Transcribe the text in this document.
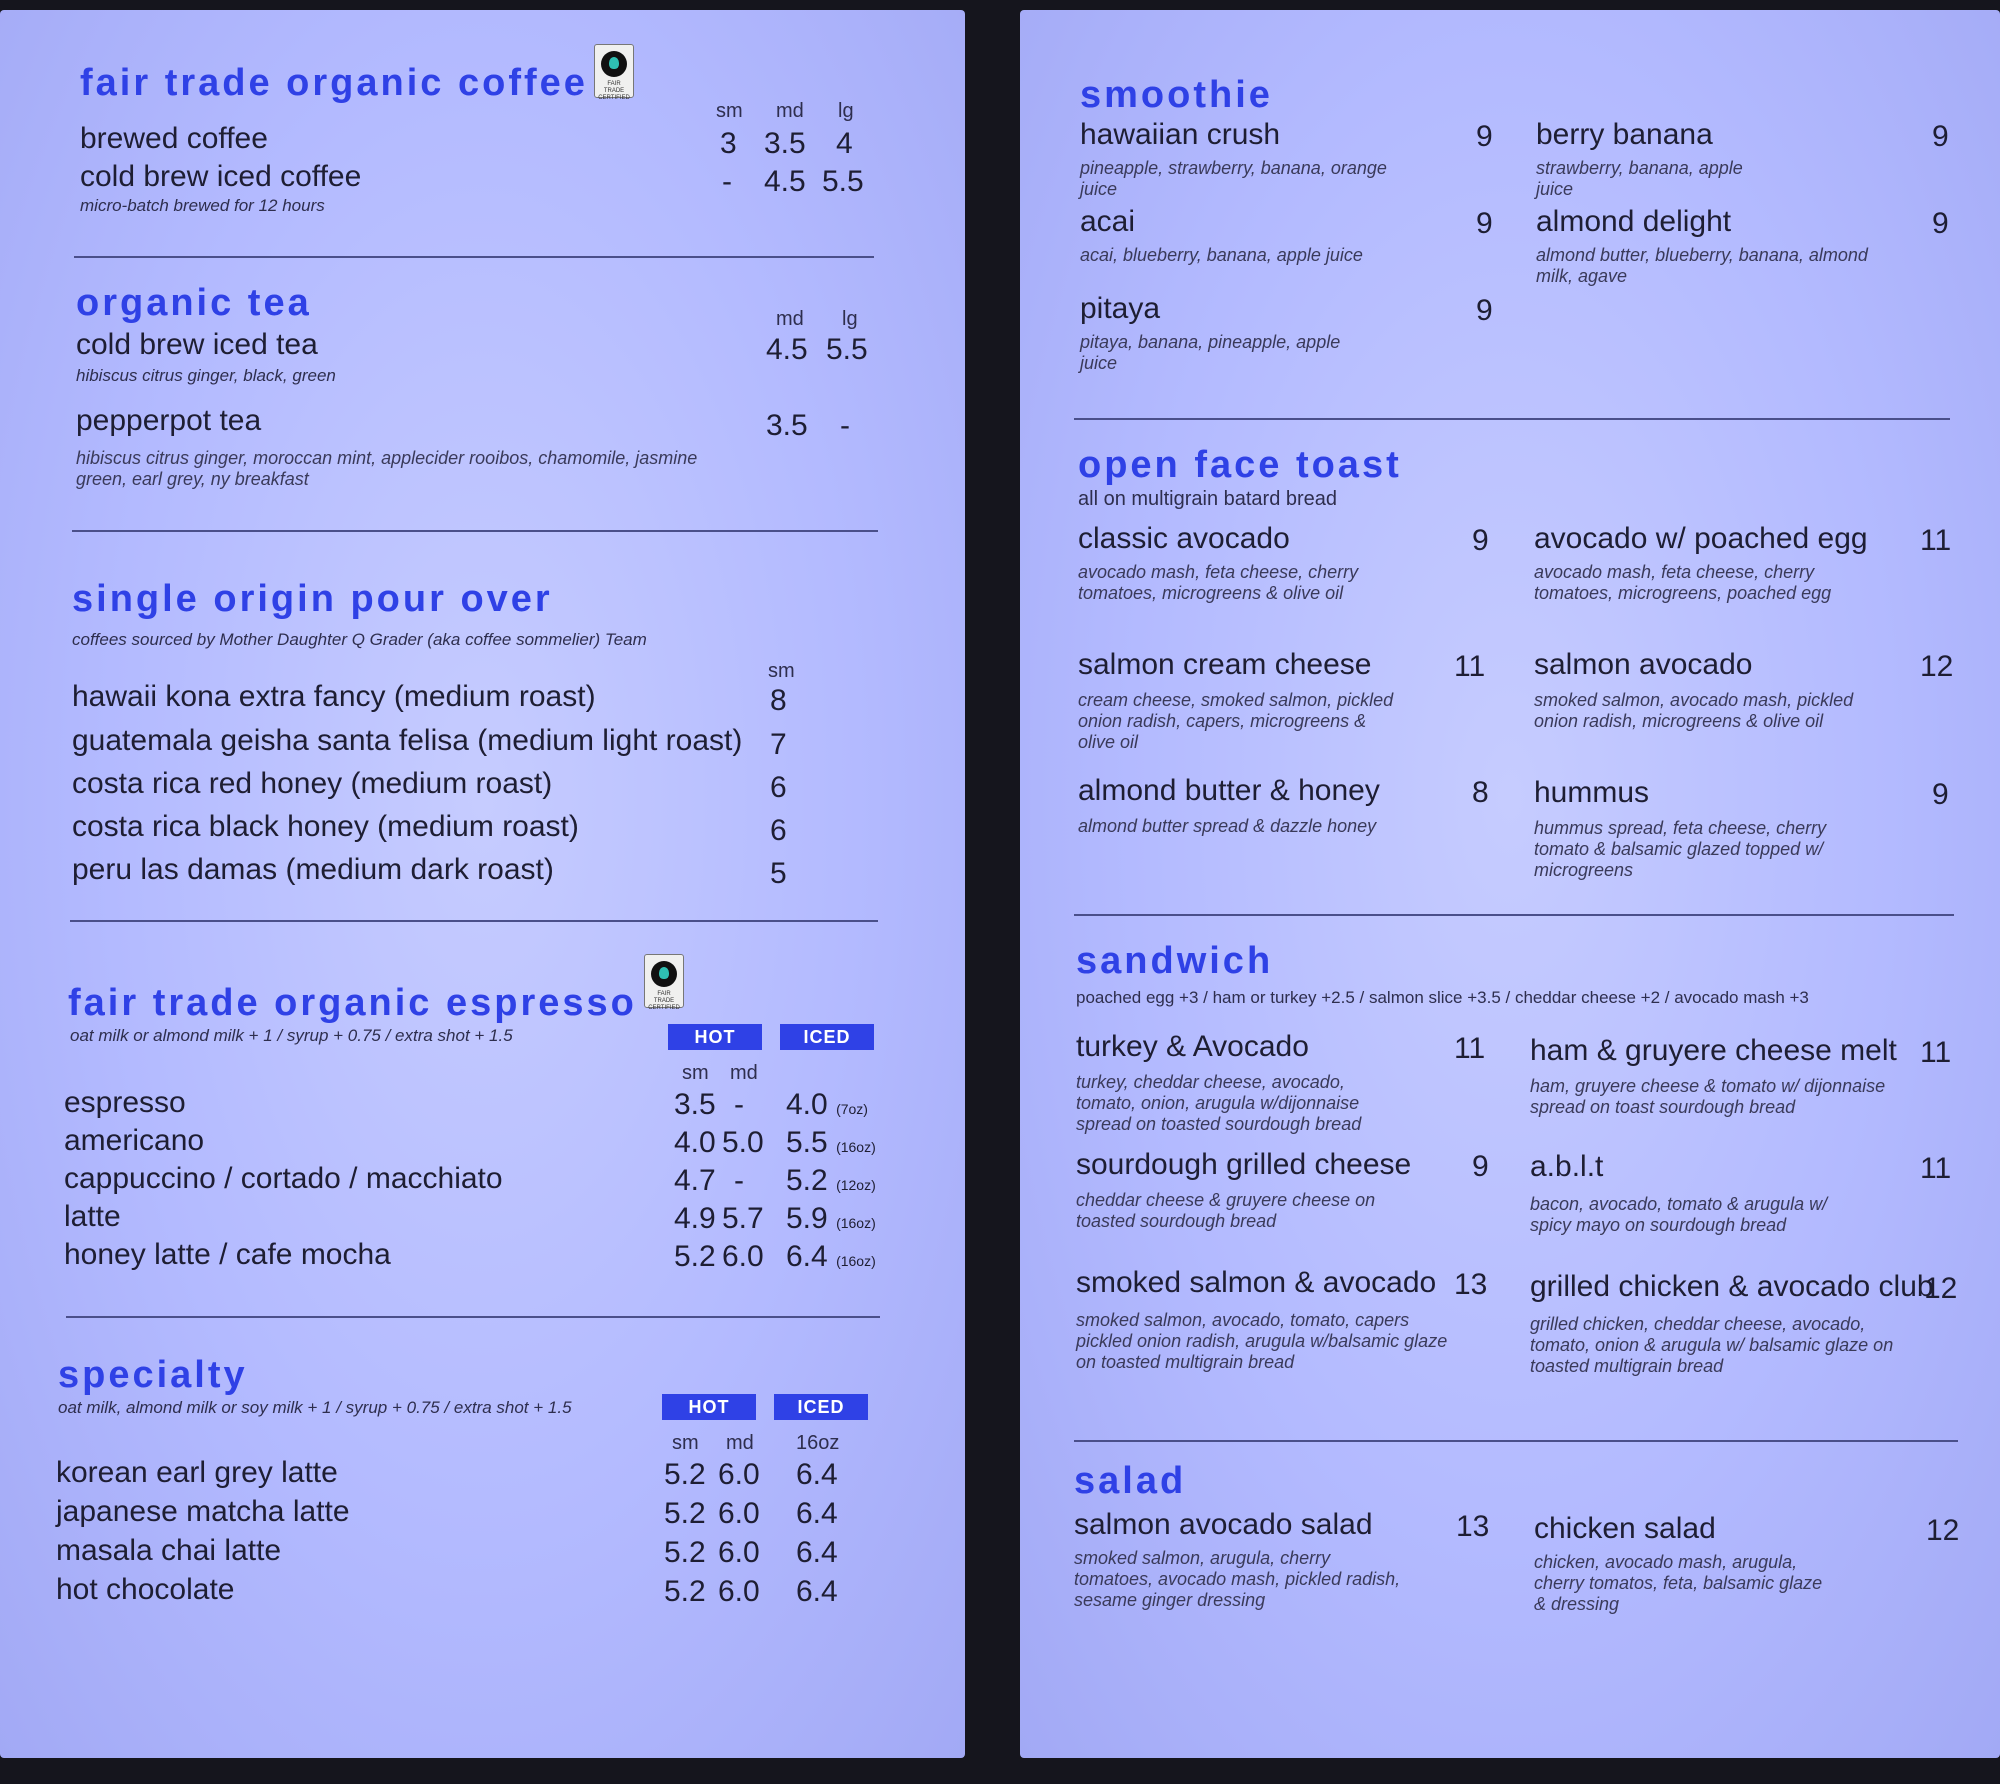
fair trade organic coffee	FAIR TRADE CERTIFIED
sm md lg
brewed coffee	3 3.5 4
cold brew iced coffee	- 4.5 5.5
micro-batch brewed for 12 hours
organic tea	md lg
cold brew iced tea	4.5 5.5
hibiscus citrus ginger, black, green
pepperpot tea	3.5 -
hibiscus citrus ginger, moroccan mint, applecider rooibos, chamomile, jasmine green, earl grey, ny breakfast
single origin pour over
coffees sourced by Mother Daughter Q Grader (aka coffee sommelier) Team
sm
hawaii kona extra fancy (medium roast)	8
guatemala geisha santa felisa (medium light roast) 7
costa rica red honey (medium roast)	6
costa rica black honey (medium roast)	6
peru las damas (medium dark roast)	5
fair trade organic espresso	FAIR TRADE CERTIFIED
oat milk or almond milk + 1 / syrup + 0.75 / extra shot + 1.5	HOT	ICED
sm md
espresso	3.5 - 4.0 (7oz)
americano	4.0 5.0 5.5 (16oz)
cappuccino / cortado / macchiato	4.7 - 5.2 (12oz)
latte	4.9 5.7 5.9 (16oz)
honey latte / cafe mocha	5.2 6.0 6.4 (16oz)
specialty
oat milk, almond milk or soy milk + 1 / syrup + 0.75 / extra shot + 1.5	HOT	ICED
sm md 16oz
korean earl grey latte	5.2 6.0 6.4
japanese matcha latte	5.2 6.0 6.4
masala chai latte	5.2 6.0 6.4
hot chocolate	5.2 6.0 6.4
smoothie
hawaiian crush	9
pineapple, strawberry, banana, orange juice
berry banana	9
strawberry, banana, apple juice
acai	9
acai, blueberry, banana, apple juice
almond delight	9
almond butter, blueberry, banana, almond milk, agave
pitaya	9
pitaya, banana, pineapple, apple juice
open face toast
all on multigrain batard bread
classic avocado	9
avocado mash, feta cheese, cherry tomatoes, microgreens & olive oil
avocado w/ poached egg 11
avocado mash, feta cheese, cherry tomatoes, microgreens, poached egg
salmon cream cheese	11
cream cheese, smoked salmon, pickled onion radish, capers, microgreens & olive oil
salmon avocado	12
smoked salmon, avocado mash, pickled onion radish, microgreens & olive oil
almond butter & honey	8
almond butter spread & dazzle honey
hummus	9
hummus spread, feta cheese, cherry tomato & balsamic glazed topped w/ microgreens
sandwich
poached egg +3 / ham or turkey +2.5 / salmon slice +3.5 / cheddar cheese +2 / avocado mash +3
turkey & Avocado	11
turkey, cheddar cheese, avocado, tomato, onion, arugula w/dijonnaise spread on toasted sourdough bread
ham & gruyere cheese melt 11
ham, gruyere cheese & tomato w/ dijonnaise spread on toast sourdough bread
sourdough grilled cheese 9
cheddar cheese & gruyere cheese on toasted sourdough bread
a.b.l.t	11
bacon, avocado, tomato & arugula w/ spicy mayo on sourdough bread
smoked salmon & avocado 13
smoked salmon, avocado, tomato, capers pickled onion radish, arugula w/balsamic glaze on toasted multigrain bread
grilled chicken & avocado club
12
grilled chicken, cheddar cheese, avocado, tomato, onion & arugula w/ balsamic glaze on toasted multigrain bread
salad
salmon avocado salad	13
smoked salmon, arugula, cherry tomatoes, avocado mash, pickled radish, sesame ginger dressing
chicken salad	12
chicken, avocado mash, arugula, cherry tomatos, feta, balsamic glaze & dressing
